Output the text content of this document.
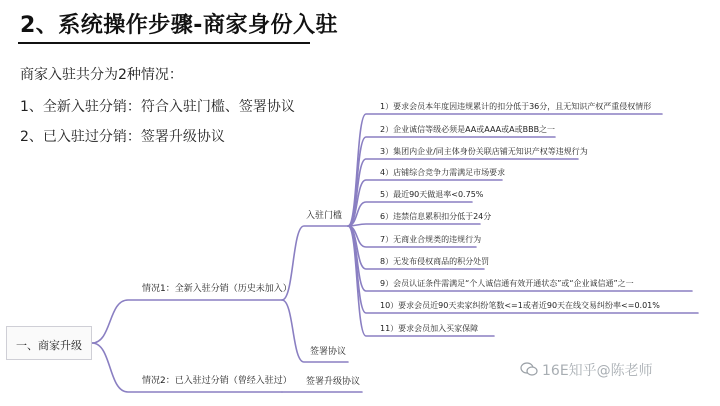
2、系统操作步骤-商家身份入驻
商家入驻共分为2种情况：
1、全新入驻分销：符合入驻门槛、签署协议
2、已入驻过分销：签署升级协议
一、商家升级
情况1：全新入驻分销（历史未加入）
情况2：已入驻过分销（曾经入驻过）
入驻门槛
签署协议
签署升级协议
1）要求会员本年度因违规累计的扣分低于36分，且无知识产权严重侵权情形
2）企业诚信等级必须是AA或AAA或A或BBB之一
3）集团内企业/同主体身份关联店铺无知识产权等违规行为
4）店铺综合竞争力需满足市场要求
5）最近90天做退率<0.75%
6）违禁信息累积扣分低于24分
7）无商业合规类的违规行为
8）无发布侵权商品的积分处罚
9）会员认证条件需满足“个人诚信通有效开通状态”或“企业诚信通”之一
10）要求会员近90天卖家纠纷笔数<=1或者近90天在线交易纠纷率<=0.01%
11）要求会员加入买家保障
16E知乎@陈老师
